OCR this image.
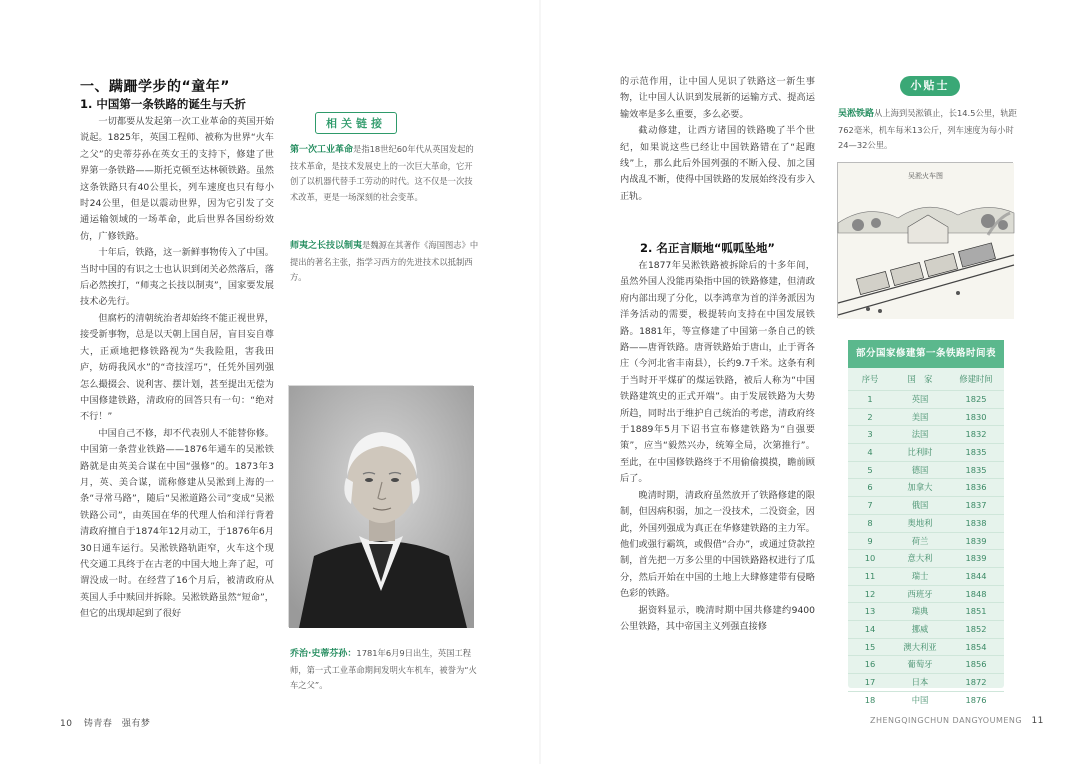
一、蹒跚学步的“童年”
1. 中国第一条铁路的诞生与夭折

一切都要从发起第一次工业革命的英国开始说起。1825年，英国工程师、被称为世界“火车之父”的史蒂芬孙在英女王的支持下，修建了世界第一条铁路——斯托克顿至达林顿铁路。虽然这条铁路只有40公里长，列车速度也只有每小时24公里，但是以震动世界，因为它引发了交通运输领域的一场革命，此后世界各国纷纷效仿，广修铁路。

十年后，铁路，这一新鲜事物传入了中国。当时中国的有识之士也认识到闭关必然落后，落后必然挨打，“师夷之长技以制夷”，国家要发展技术必先行。

但腐朽的清朝统治者却始终不能正视世界，接受新事物，总是以天朝上国自居，盲目妄自尊大，正顽地把修铁路视为“失我险阻，害我田庐，妨碍我风水”的“奇技淫巧”，任凭外国列强怎么撮掇会、说利害、摆计划，甚至提出无偿为中国修建铁路，清政府的回答只有一句：“绝对不行！”

中国自己不修，却不代表别人不能替你修。中国第一条营业铁路——1876年通车的吴淞铁路就是由英美合谋在中国“强修”的。1873年3月，英、美合谋，谎称修建从吴淞到上海的一条“寻常马路”，随后“吴淞道路公司”变成“吴淞铁路公司”，由英国在华的代理人怡和洋行背着清政府擅自于1874年12月动工，于1876年6月30日通车运行。吴淞铁路轨距窄，火车这个现代交通工具终于在古老的中国大地上奔了起，可谓没成一时。在经营了16个月后，被清政府从英国人手中赎回并拆除。吴淞铁路虽然“短命”，但它的出现却起到了很好

相关链接
第一次工业革命是指18世纪60年代从英国发起的技术革命，是技术发展史上的一次巨大革命，它开创了以机器代替手工劳动的时代。这不仅是一次技术改革，更是一场深刻的社会变革。
师夷之长技以制夷是魏源在其著作《海国图志》中提出的著名主张，指学习西方的先进技术以抵制西方。
乔治·史蒂芬孙：1781年6月9日出生，英国工程师，第一式工业革命期间发明火车机车，被誉为“火车之父”。
10 铸青春　强有梦

的示范作用，让中国人见识了铁路这一新生事物，让中国人认识到发展新的运输方式、提高运输效率是多么重要，多么必要。

截动修建，让西方诸国的铁路晚了半个世纪，如果说这些已经让中国铁路错在了“起跑线”上，那么此后外国列强的不断入侵、加之国内战乱不断，使得中国铁路的发展始终没有步入正轨。

2. 名正言顺地“呱呱坠地”

在1877年吴淞铁路被拆除后的十多年间，虽然外国人没能再染指中国的铁路修建，但清政府内部出现了分化，以李鸿章为首的洋务派因为洋务活动的需要，极提转向支持在中国发展铁路。1881年，等宣修建了中国第一条自己的铁路——唐胥铁路。唐胥铁路始于唐山，止于胥各庄（今河北省丰南县），长约9.7千米。这条有利于当时开平煤矿的煤运铁路，被后人称为“中国铁路建筑史的正式开端”。由于发展铁路为大势所趋，同时出于维护自己统治的考虑，清政府终于1889年5月下诏书宣布修建铁路为“自强要策”，应当“毅然兴办，统筹全局，次第推行”。至此，在中国修铁路终于不用偷偷摸摸，瞻前顾后了。

晚清时期，清政府虽然放开了铁路修建的限制，但因病积弱，加之一没技术，二没资金，因此，外国列强成为真正在华修建铁路的主力军。他们或强行霸筑，或假借“合办”，或通过贷款控制，首先把一万多公里的中国铁路路权进行了瓜分，然后开始在中国的土地上大肆修建带有侵略色彩的铁路。

据资料显示，晚清时期中国共修建约9400公里铁路，其中帝国主义列强直接修

ZHENGQINGCHUN DANGYOUMENG 11
小贴士
吴淞铁路从上海到吴淞镇止，长14.5公里，轨距762毫米，机车每米13公斤，列车速度为每小时24—32公里。
吴淞火车图
部分国家修建第一条铁路时间表
序号	国　家	修建时间
1	英国	1825
2	美国	1830
3	法国	1832
4	比利时	1835
5	德国	1835
6	加拿大	1836
7	俄国	1837
8	奥地利	1838
9	荷兰	1839
10	意大利	1839
11	瑞士	1844
12	西班牙	1848
13	瑞典	1851
14	挪威	1852
15	澳大利亚	1854
16	葡萄牙	1856
17	日本	1872
18	中国	1876
